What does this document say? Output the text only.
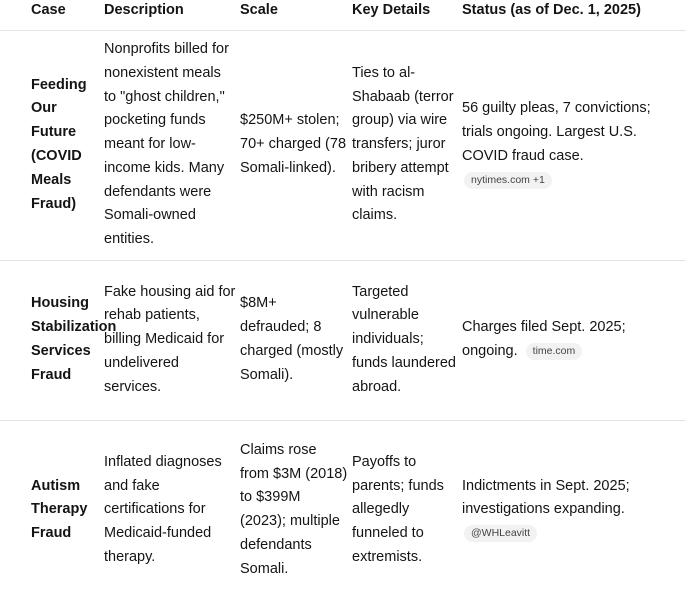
Case	Description	Scale	Key Details	Status (as of Dec. 1, 2025)
Feeding Our Future (COVID Meals Fraud)	Nonprofits billed for nonexistent meals to "ghost children," pocketing funds meant for low-income kids. Many defendants were Somali-owned entities.	$250M+ stolen; 70+ charged (78 Somali-linked).	Ties to al-Shabaab (terror group) via wire transfers; juror bribery attempt with racism claims.	56 guilty pleas, 7 convictions; trials ongoing. Largest U.S. COVID fraud case.
nytimes.com +1
Housing Stabilization Services Fraud	Fake housing aid for rehab patients, billing Medicaid for undelivered services.	$8M+ defrauded; 8 charged (mostly Somali).	Targeted vulnerable individuals; funds laundered abroad.	Charges filed Sept. 2025; ongoing. time.com
Autism Therapy Fraud	Inflated diagnoses and fake certifications for Medicaid-funded therapy.	Claims rose from $3M (2018) to $399M (2023); multiple defendants Somali.	Payoffs to parents; funds allegedly funneled to extremists.	Indictments in Sept. 2025; investigations expanding.
@WHLeavitt
